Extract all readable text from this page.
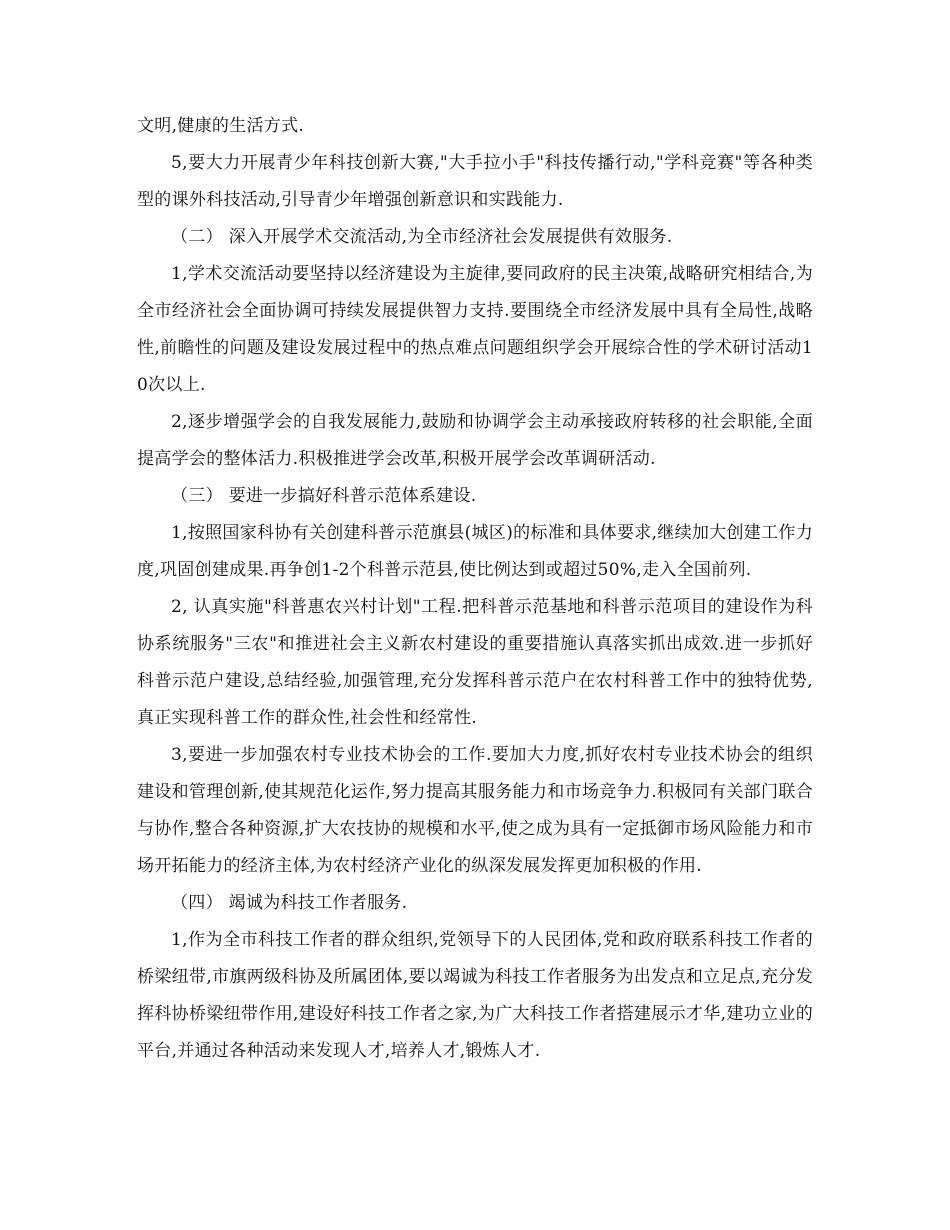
文明,健康的生活方式.

5,要大力开展青少年科技创新大赛,"大手拉小手"科技传播行动,"学科竞赛"等各种类型的课外科技活动,引导青少年增强创新意识和实践能力.

（二） 深入开展学术交流活动,为全市经济社会发展提供有效服务.

1,学术交流活动要坚持以经济建设为主旋律,要同政府的民主决策,战略研究相结合,为全市经济社会全面协调可持续发展提供智力支持.要围绕全市经济发展中具有全局性,战略性,前瞻性的问题及建设发展过程中的热点难点问题组织学会开展综合性的学术研讨活动10次以上.

2,逐步增强学会的自我发展能力,鼓励和协调学会主动承接政府转移的社会职能,全面提高学会的整体活力.积极推进学会改革,积极开展学会改革调研活动.

（三） 要进一步搞好科普示范体系建设.

1,按照国家科协有关创建科普示范旗县(城区)的标准和具体要求,继续加大创建工作力度,巩固创建成果.再争创1-2个科普示范县,使比例达到或超过50%,走入全国前列.

2, 认真实施"科普惠农兴村计划"工程.把科普示范基地和科普示范项目的建设作为科协系统服务"三农"和推进社会主义新农村建设的重要措施认真落实抓出成效.进一步抓好科普示范户建设,总结经验,加强管理,充分发挥科普示范户在农村科普工作中的独特优势,真正实现科普工作的群众性,社会性和经常性.

3,要进一步加强农村专业技术协会的工作.要加大力度,抓好农村专业技术协会的组织建设和管理创新,使其规范化运作,努力提高其服务能力和市场竞争力.积极同有关部门联合与协作,整合各种资源,扩大农技协的规模和水平,使之成为具有一定抵御市场风险能力和市场开拓能力的经济主体,为农村经济产业化的纵深发展发挥更加积极的作用.

（四） 竭诚为科技工作者服务.

1,作为全市科技工作者的群众组织,党领导下的人民团体,党和政府联系科技工作者的桥梁纽带,市旗两级科协及所属团体,要以竭诚为科技工作者服务为出发点和立足点,充分发挥科协桥梁纽带作用,建设好科技工作者之家,为广大科技工作者搭建展示才华,建功立业的平台,并通过各种活动来发现人才,培养人才,锻炼人才.
